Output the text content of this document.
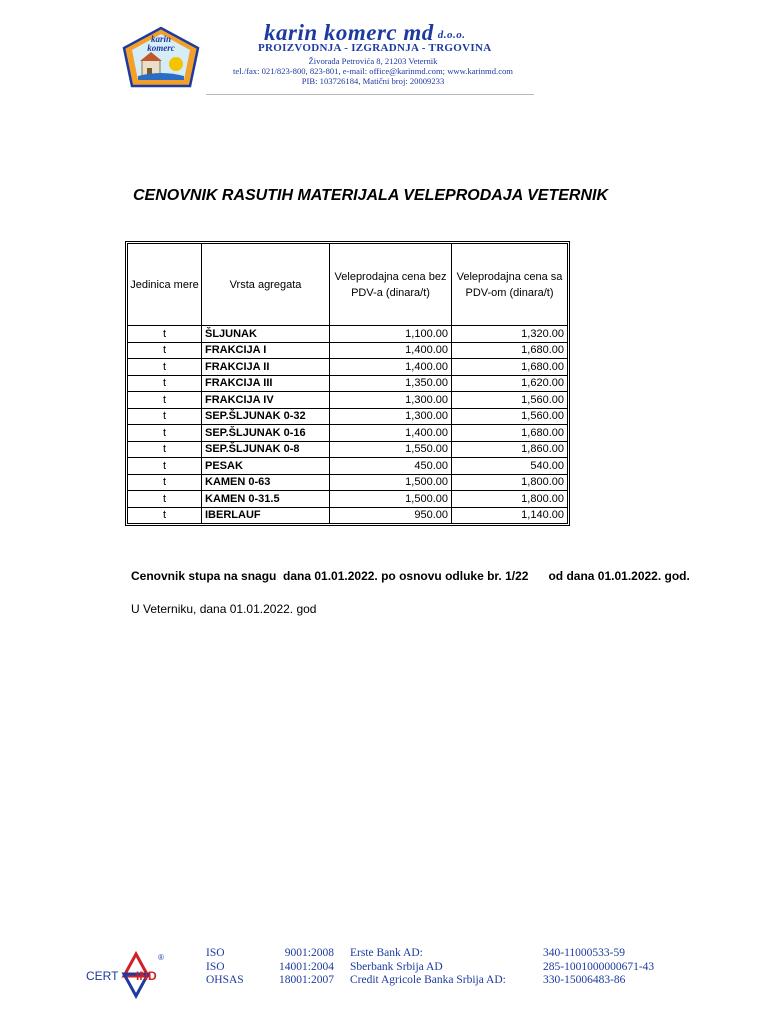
karin
komerc
karin komerc md d.o.o.
PROIZVODNJA - IZGRADNJA - TRGOVINA
Živorada Petrovića 8, 21203 Veternik
tel./fax: 021/823-800, 823-801, e-mail: office@karinmd.com; www.karinmd.com
PIB: 103726184, Matični broj: 20009233
CENOVNIK RASUTIH MATERIJALA VELEPRODAJA VETERNIK
Jedinica mere	Vrsta agregata	Veleprodajna cena bez PDV-a (dinara/t)	Veleprodajna cena sa PDV-om (dinara/t)
t	ŠLJUNAK	1,100.00	1,320.00
t	FRAKCIJA I	1,400.00	1,680.00
t	FRAKCIJA II	1,400.00	1,680.00
t	FRAKCIJA III	1,350.00	1,620.00
t	FRAKCIJA IV	1,300.00	1,560.00
t	SEP.ŠLJUNAK 0-32	1,300.00	1,560.00
t	SEP.ŠLJUNAK 0-16	1,400.00	1,680.00
t	SEP.ŠLJUNAK 0-8	1,550.00	1,860.00
t	PESAK	450.00	540.00
t	KAMEN 0-63	1,500.00	1,800.00
t	KAMEN 0-31.5	1,500.00	1,800.00
t	IBERLAUF	950.00	1,140.00
Cenovnik stupa na snagu  dana 01.01.2022. po osnovu odluke br. 1/22      od dana 01.01.2022. god.
U Veterniku, dana 01.01.2022. god
CERT IND
®	ISO	9001:2008
ISO	14001:2004
OHSAS	18001:2007
Erste Bank AD:	340-11000533-59
Sberbank Srbija AD	285-1001000000671-43
Credit Agricole Banka Srbija AD:	330-15006483-86
